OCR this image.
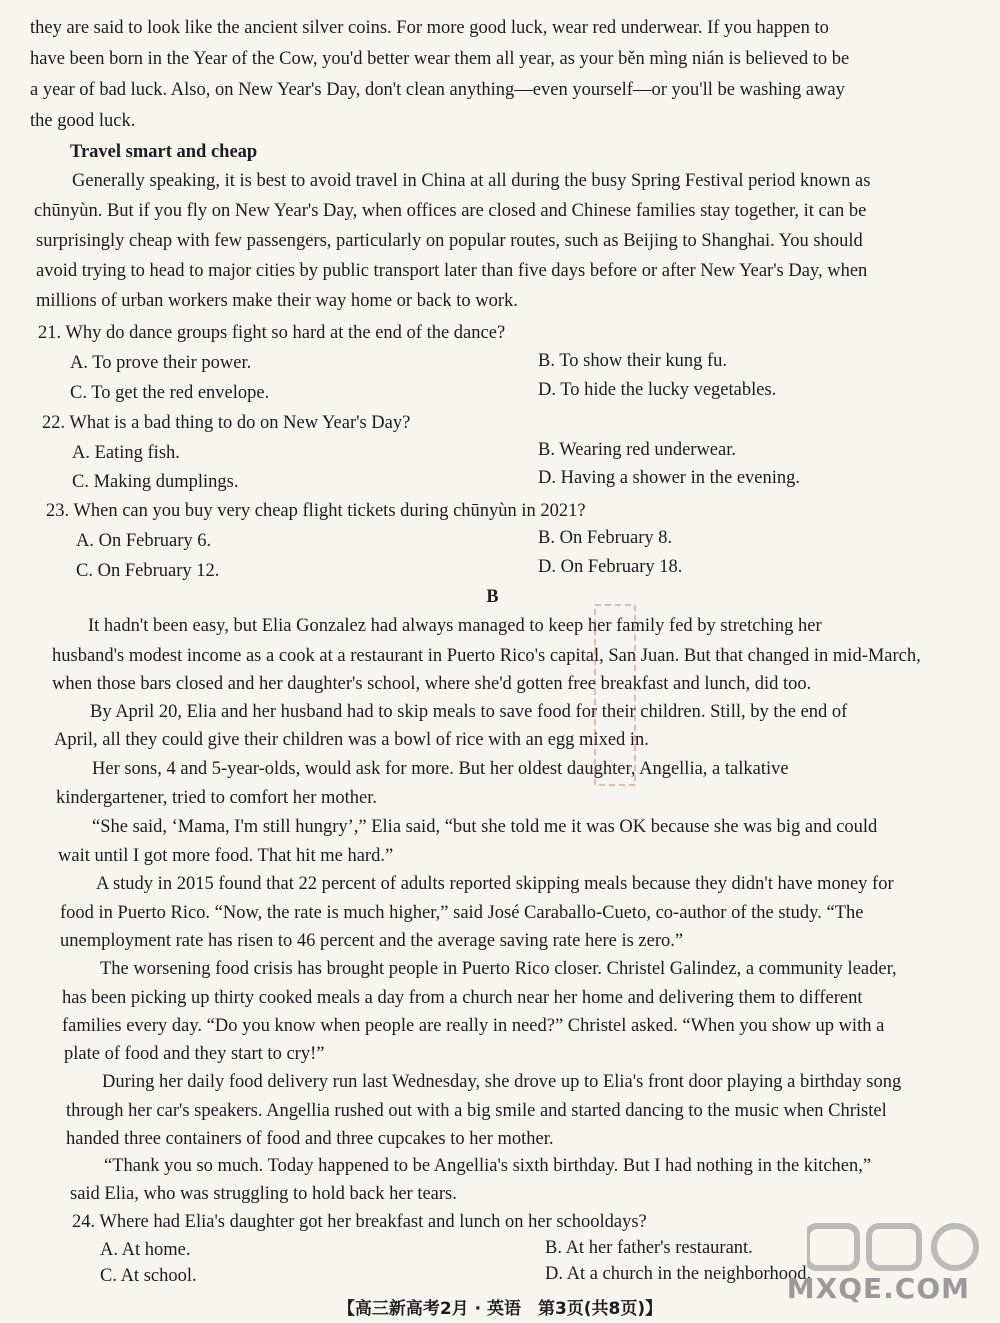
they are said to look like the ancient silver coins. For more good luck, wear red underwear. If you happen to
have been born in the Year of the Cow, you'd better wear them all year, as your běn mìng nián is believed to be
a year of bad luck. Also, on New Year's Day, don't clean anything—even yourself—or you'll be washing away
the good luck.
Travel smart and cheap
Generally speaking, it is best to avoid travel in China at all during the busy Spring Festival period known as
chūnyùn. But if you fly on New Year's Day, when offices are closed and Chinese families stay together, it can be
surprisingly cheap with few passengers, particularly on popular routes, such as Beijing to Shanghai. You should
avoid trying to head to major cities by public transport later than five days before or after New Year's Day, when
millions of urban workers make their way home or back to work.
21. Why do dance groups fight so hard at the end of the dance?
A. To prove their power.	B. To show their kung fu.
C. To get the red envelope.	D. To hide the lucky vegetables.
22. What is a bad thing to do on New Year's Day?
A. Eating fish.	B. Wearing red underwear.
C. Making dumplings.	D. Having a shower in the evening.
23. When can you buy very cheap flight tickets during chūnyùn in 2021?
A. On February 6.	B. On February 8.
C. On February 12.	D. On February 18.
B
It hadn't been easy, but Elia Gonzalez had always managed to keep her family fed by stretching her
husband's modest income as a cook at a restaurant in Puerto Rico's capital, San Juan. But that changed in mid-March,
when those bars closed and her daughter's school, where she'd gotten free breakfast and lunch, did too.
By April 20, Elia and her husband had to skip meals to save food for their children. Still, by the end of
April, all they could give their children was a bowl of rice with an egg mixed in.
Her sons, 4 and 5-year-olds, would ask for more. But her oldest daughter, Angellia, a talkative
kindergartener, tried to comfort her mother.
“She said, ‘Mama, I'm still hungry’,” Elia said, “but she told me it was OK because she was big and could
wait until I got more food. That hit me hard.”
A study in 2015 found that 22 percent of adults reported skipping meals because they didn't have money for
food in Puerto Rico. “Now, the rate is much higher,” said José Caraballo-Cueto, co-author of the study. “The
unemployment rate has risen to 46 percent and the average saving rate here is zero.”
The worsening food crisis has brought people in Puerto Rico closer. Christel Galindez, a community leader,
has been picking up thirty cooked meals a day from a church near her home and delivering them to different
families every day. “Do you know when people are really in need?” Christel asked. “When you show up with a
plate of food and they start to cry!”
During her daily food delivery run last Wednesday, she drove up to Elia's front door playing a birthday song
through her car's speakers. Angellia rushed out with a big smile and started dancing to the music when Christel
handed three containers of food and three cupcakes to her mother.
“Thank you so much. Today happened to be Angellia's sixth birthday. But I had nothing in the kitchen,”
said Elia, who was struggling to hold back her tears.
24. Where had Elia's daughter got her breakfast and lunch on her schooldays?
A. At home.	B. At her father's restaurant.
C. At school.	D. At a church in the neighborhood.
MXQE.COM
【高三新高考2月 · 英语　第3页(共8页)】
